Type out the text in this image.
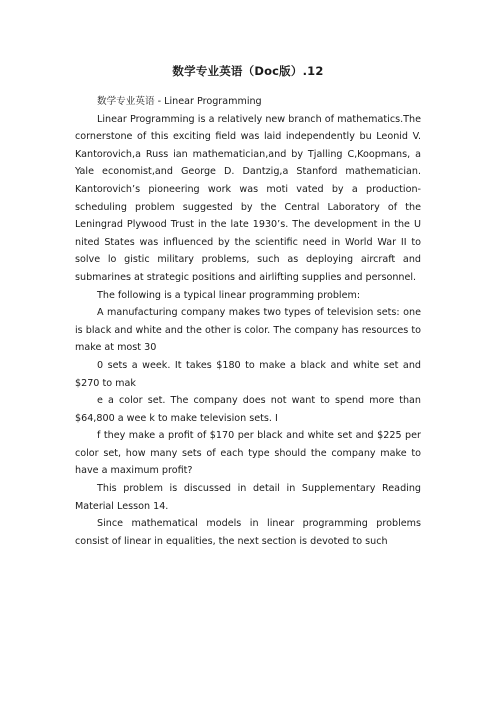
数学专业英语（Doc版）.12

数学专业英语 - Linear Programming

Linear Programming is a relatively new branch of mathematics.The cornerstone of this exciting field was laid independently bu Leonid V. Kantorovich,a Russ ian mathematician,and by Tjalling C,Koopmans, a Yale economist,and George D. Dantzig,a Stanford mathematician. Kantorovich’s pioneering work was moti vated by a production-scheduling problem suggested by the Central Laboratory of the Leningrad Plywood Trust in the late 1930’s. The development in the U nited States was influenced by the scientific need in World War II to solve lo gistic military problems, such as deploying aircraft and submarines at strategic positions and airlifting supplies and personnel.

The following is a typical linear programming problem:

A manufacturing company makes two types of television sets: one is black and white and the other is color. The company has resources to make at most 30

0 sets a week. It takes $180 to make a black and white set and $270 to mak

e a color set. The company does not want to spend more than $64,800 a wee k to make television sets. I

f they make a profit of $170 per black and white set and $225 per color set, how many sets of each type should the company make to have a maximum profit?

This problem is discussed in detail in Supplementary Reading Material Lesson 14.

Since mathematical models in linear programming problems consist of linear in equalities, the next section is devoted to such
